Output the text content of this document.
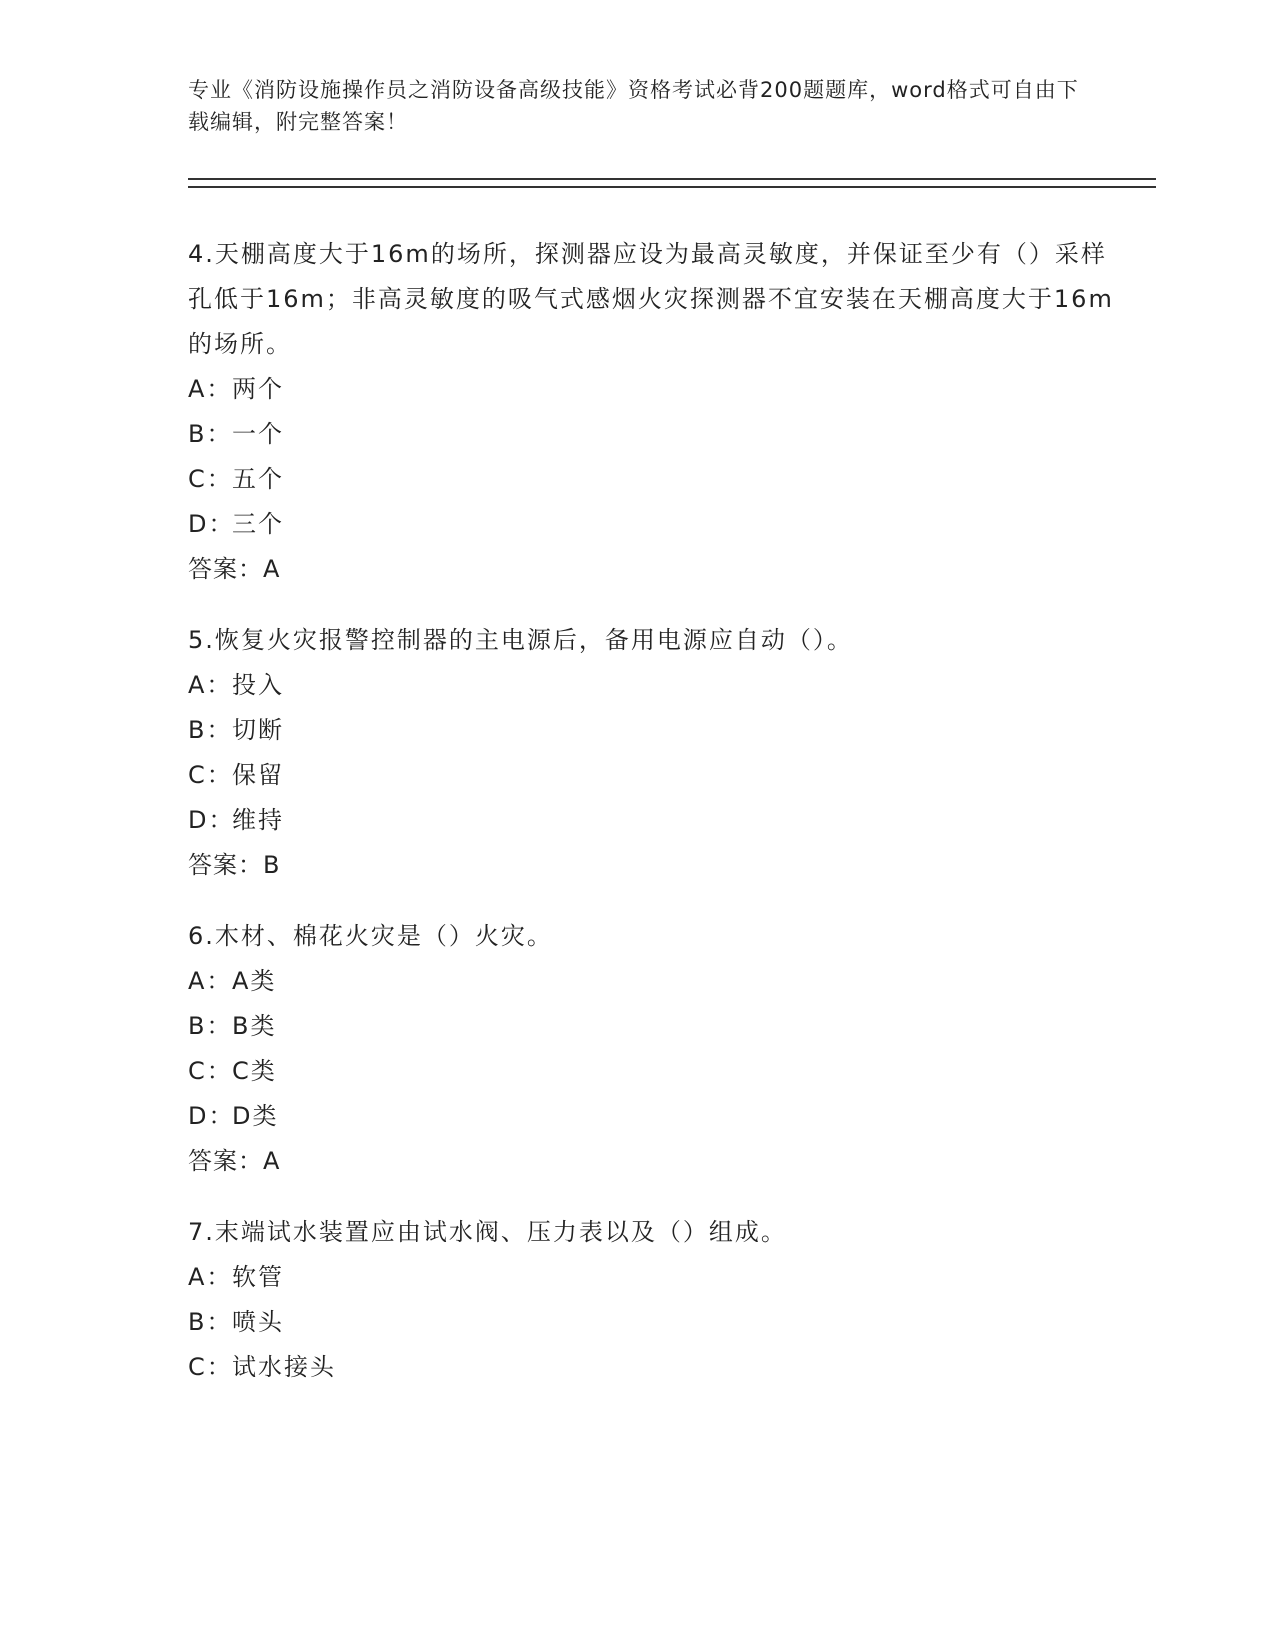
专业《消防设施操作员之消防设备高级技能》资格考试必背200题题库，word格式可自由下载编辑，附完整答案！
4.天棚高度大于16m的场所，探测器应设为最高灵敏度，并保证至少有（）采样孔低于16m；非高灵敏度的吸气式感烟火灾探测器不宜安装在天棚高度大于16m的场所。
A：两个
B：一个
C：五个
D：三个
答案：A
5.恢复火灾报警控制器的主电源后，备用电源应自动（）。
A：投入
B：切断
C：保留
D：维持
答案：B
6.木材、棉花火灾是（）火灾。
A：A类
B：B类
C：C类
D：D类
答案：A
7.末端试水装置应由试水阀、压力表以及（）组成。
A：软管
B：喷头
C：试水接头
